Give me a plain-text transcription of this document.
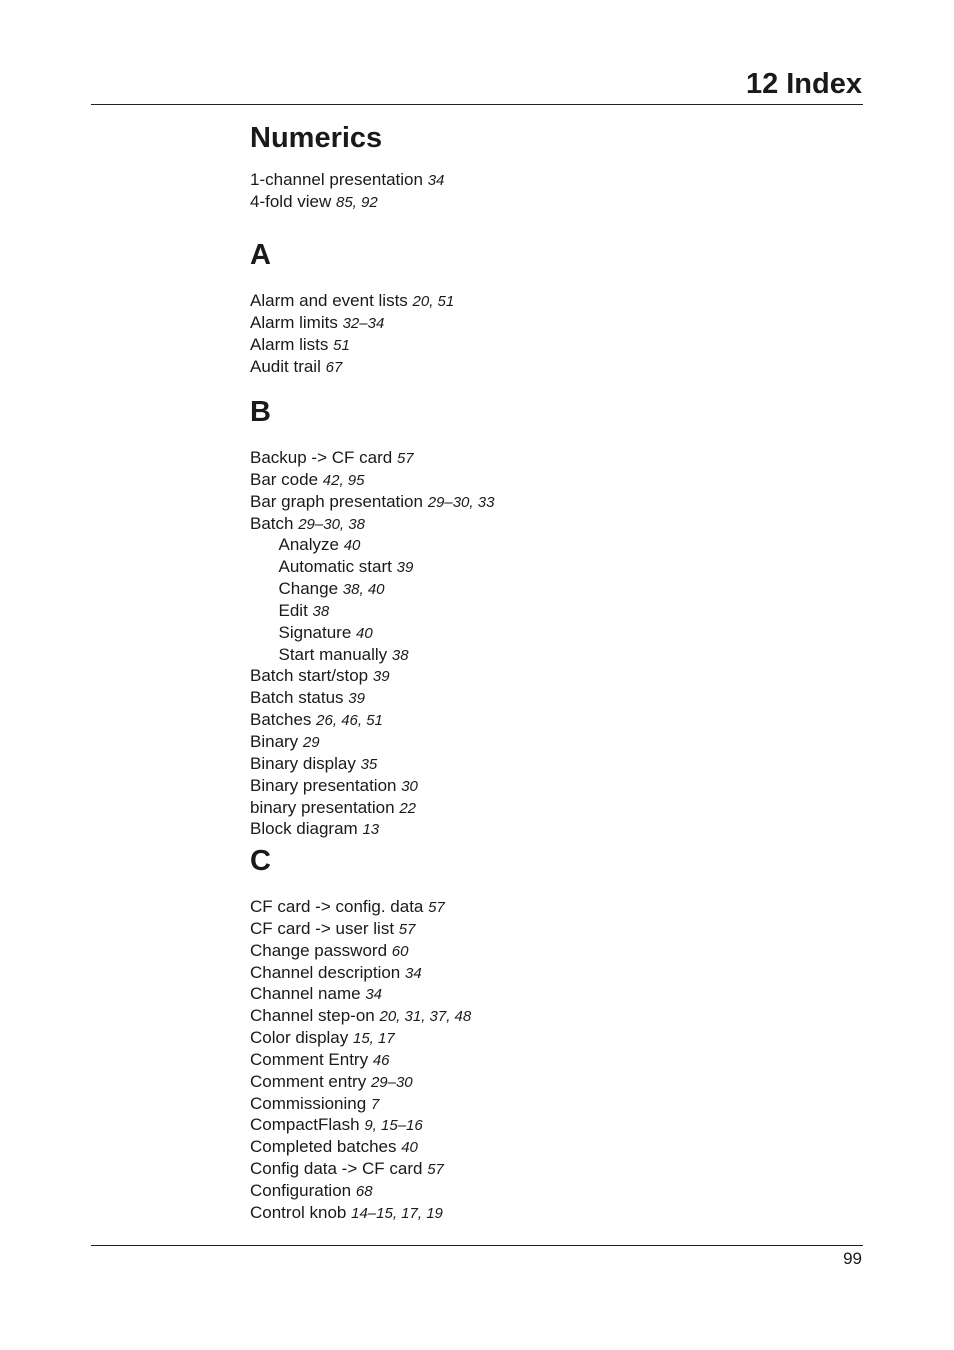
12 Index
Numerics
1-channel presentation 34
4-fold view 85, 92
A
Alarm and event lists 20, 51
Alarm limits 32–34
Alarm lists 51
Audit trail 67
B
Backup -> CF card 57
Bar code 42, 95
Bar graph presentation 29–30, 33
Batch 29–30, 38
Analyze 40
Automatic start 39
Change 38, 40
Edit 38
Signature 40
Start manually 38
Batch start/stop 39
Batch status 39
Batches 26, 46, 51
Binary 29
Binary display 35
Binary presentation 30
binary presentation 22
Block diagram 13
C
CF card -> config. data 57
CF card -> user list 57
Change password 60
Channel description 34
Channel name 34
Channel step-on 20, 31, 37, 48
Color display 15, 17
Comment Entry 46
Comment entry 29–30
Commissioning 7
CompactFlash 9, 15–16
Completed batches 40
Config data -> CF card 57
Configuration 68
Control knob 14–15, 17, 19
99
